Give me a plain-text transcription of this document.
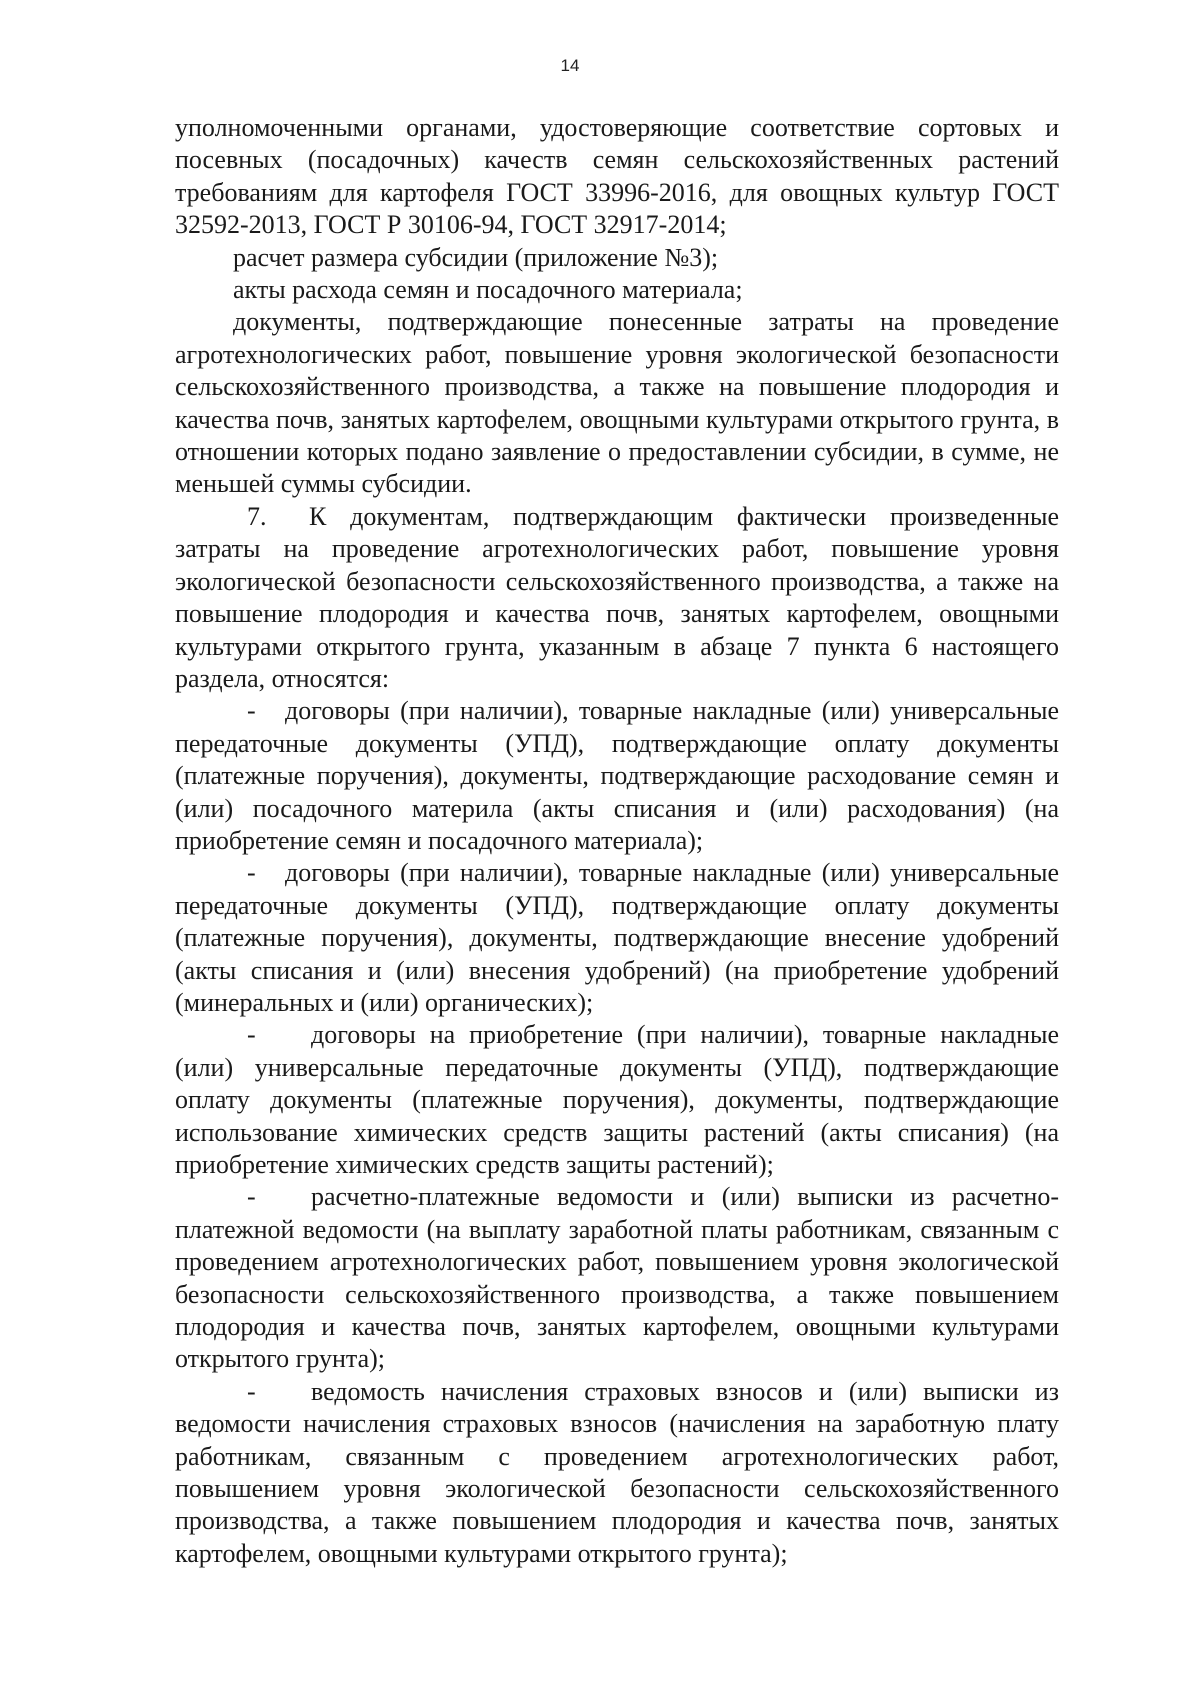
14

уполномоченными органами, удостоверяющие соответствие сортовых и посевных (посадочных) качеств семян сельскохозяйственных растений требованиям для картофеля ГОСТ 33996-2016, для овощных культур ГОСТ 32592-2013, ГОСТ Р 30106-94, ГОСТ 32917-2014;

расчет размера субсидии (приложение №3);

акты расхода семян и посадочного материала;

документы, подтверждающие понесенные затраты на проведение агротехнологических работ, повышение уровня экологической безопасности сельскохозяйственного производства, а также на повышение плодородия и качества почв, занятых картофелем, овощными культурами открытого грунта, в отношении которых подано заявление о предоставлении субсидии, в сумме, не меньшей суммы субсидии.

7. К документам, подтверждающим фактически произведенные затраты на проведение агротехнологических работ, повышение уровня экологической безопасности сельскохозяйственного производства, а также на повышение плодородия и качества почв, занятых картофелем, овощными культурами открытого грунта, указанным в абзаце 7 пункта 6 настоящего раздела, относятся:

- договоры (при наличии), товарные накладные (или) универсальные передаточные документы (УПД), подтверждающие оплату документы (платежные поручения), документы, подтверждающие расходование семян и (или) посадочного материла (акты списания и (или) расходования) (на приобретение семян и посадочного материала);

- договоры (при наличии), товарные накладные (или) универсальные передаточные документы (УПД), подтверждающие оплату документы (платежные поручения), документы, подтверждающие внесение удобрений (акты списания и (или) внесения удобрений) (на приобретение удобрений (минеральных и (или) органических);

- договоры на приобретение (при наличии), товарные накладные (или) универсальные передаточные документы (УПД), подтверждающие оплату документы (платежные поручения), документы, подтверждающие использование химических средств защиты растений (акты списания) (на приобретение химических средств защиты растений);

- расчетно-платежные ведомости и (или) выписки из расчетно-платежной ведомости (на выплату заработной платы работникам, связанным с проведением агротехнологических работ, повышением уровня экологической безопасности сельскохозяйственного производства, а также повышением плодородия и качества почв, занятых картофелем, овощными культурами открытого грунта);

- ведомость начисления страховых взносов и (или) выписки из ведомости начисления страховых взносов (начисления на заработную плату работникам, связанным с проведением агротехнологических работ, повышением уровня экологической безопасности сельскохозяйственного производства, а также повышением плодородия и качества почв, занятых картофелем, овощными культурами открытого грунта);
